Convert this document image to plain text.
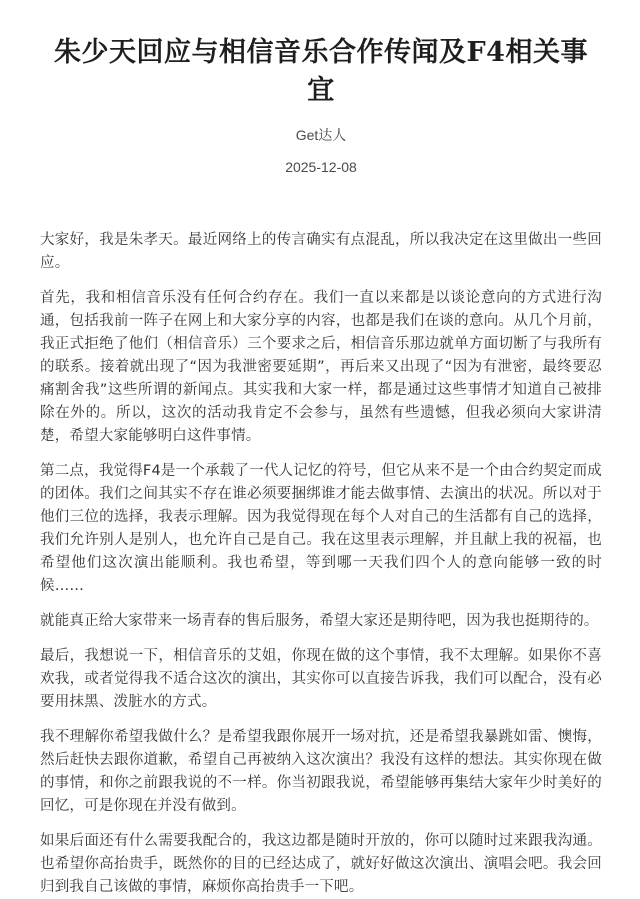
朱少天回应与相信音乐合作传闻及F4相关事宜
Get达人
2025-12-08

大家好，我是朱孝天。最近网络上的传言确实有点混乱，所以我决定在这里做出一些回应。

首先，我和相信音乐没有任何合约存在。我们一直以来都是以谈论意向的方式进行沟通，包括我前一阵子在网上和大家分享的内容，也都是我们在谈的意向。从几个月前，我正式拒绝了他们（相信音乐）三个要求之后，相信音乐那边就单方面切断了与我所有的联系。接着就出现了“因为我泄密要延期”，再后来又出现了“因为有泄密，最终要忍痛割舍我”这些所谓的新闻点。其实我和大家一样，都是通过这些事情才知道自己被排除在外的。所以，这次的活动我肯定不会参与，虽然有些遗憾，但我必须向大家讲清楚，希望大家能够明白这件事情。

第二点，我觉得F4是一个承载了一代人记忆的符号，但它从来不是一个由合约契定而成的团体。我们之间其实不存在谁必须要捆绑谁才能去做事情、去演出的状况。所以对于他们三位的选择，我表示理解。因为我觉得现在每个人对自己的生活都有自己的选择，我们允许别人是别人，也允许自己是自己。我在这里表示理解，并且献上我的祝福，也希望他们这次演出能顺利。我也希望，等到哪一天我们四个人的意向能够一致的时候……

就能真正给大家带来一场青春的售后服务，希望大家还是期待吧，因为我也挺期待的。

最后，我想说一下，相信音乐的艾姐，你现在做的这个事情，我不太理解。如果你不喜欢我，或者觉得我不适合这次的演出，其实你可以直接告诉我，我们可以配合，没有必要用抹黑、泼脏水的方式。

我不理解你希望我做什么？是希望我跟你展开一场对抗，还是希望我暴跳如雷、懊悔，然后赶快去跟你道歉，希望自己再被纳入这次演出？我没有这样的想法。其实你现在做的事情，和你之前跟我说的不一样。你当初跟我说，希望能够再集结大家年少时美好的回忆，可是你现在并没有做到。

如果后面还有什么需要我配合的，我这边都是随时开放的，你可以随时过来跟我沟通。也希望你高抬贵手，既然你的目的已经达成了，就好好做这次演出、演唱会吧。我会回归到我自己该做的事情，麻烦你高抬贵手一下吧。
